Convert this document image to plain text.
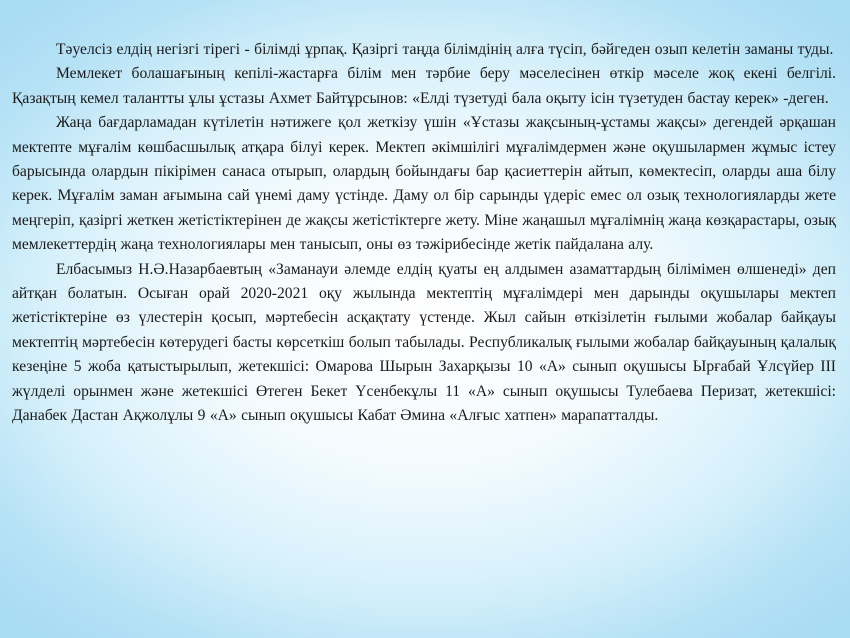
Тәуелсіз елдің негізгі тірегі - білімді ұрпақ. Қазіргі таңда білімдінің алға түсіп, бәйгеден озып келетін заманы туды.

Мемлекет болашағының кепілі-жастарға білім мен тәрбие беру мәселесінен өткір мәселе жоқ екені белгілі. Қазақтың кемел талантты ұлы ұстазы Ахмет Байтұрсынов: «Елді түзетуді бала оқыту ісін түзетуден бастау керек» -деген.

Жаңа бағдарламадан күтілетін нәтижеге қол жеткізу үшін «Ұстазы жақсының-ұстамы жақсы» дегендей әрқашан мектепте мұғалім көшбасшылық атқара білуі керек. Мектеп әкімшілігі мұғалімдермен және оқушылармен жұмыс істеу барысында олардын пікірімен санаса отырып, олардың бойындағы бар қасиеттерін айтып, көмектесіп, оларды аша білу керек. Мұғалім заман ағымына сай үнемі даму үстінде. Даму ол бір сарынды үдеріс емес ол озық технологияларды жете меңгеріп, қазіргі жеткен жетістіктерінен де жақсы жетістіктерге жету. Міне жаңашыл мұғалімнің жаңа көзқарастары, озық мемлекеттердің жаңа технологиялары мен танысып, оны өз тәжірибесінде жетік пайдалана алу.

Елбасымыз Н.Ә.Назарбаевтың «Заманауи әлемде елдің қуаты ең алдымен азаматтардың білімімен өлшенеді» деп айтқан болатын. Осыған орай 2020-2021 оқу жылында мектептің мұғалімдері мен дарынды оқушылары мектеп жетістіктеріне өз үлестерін қосып, мәртебесін асқақтату үстенде. Жыл сайын өткізілетін ғылыми жобалар байқауы мектептің мәртебесін көтерудегі басты көрсеткіш болып табылады. Республикалық ғылыми жобалар байқауының қалалық кезеңіне 5 жоба қатыстырылып, жетекшісі: Омарова Шырын Захарқызы 10 «А» сынып оқушысы Ырғабай Ұлсүйер ІІІ жүлделі орынмен және жетекшісі Өтеген Бекет Үсенбекұлы 11 «А» сынып оқушысы Тулебаева Перизат, жетекшісі: Данабек Дастан Ақжолұлы 9 «А» сынып оқушысы Кабат Әмина «Алғыс хатпен» марапатталды.
